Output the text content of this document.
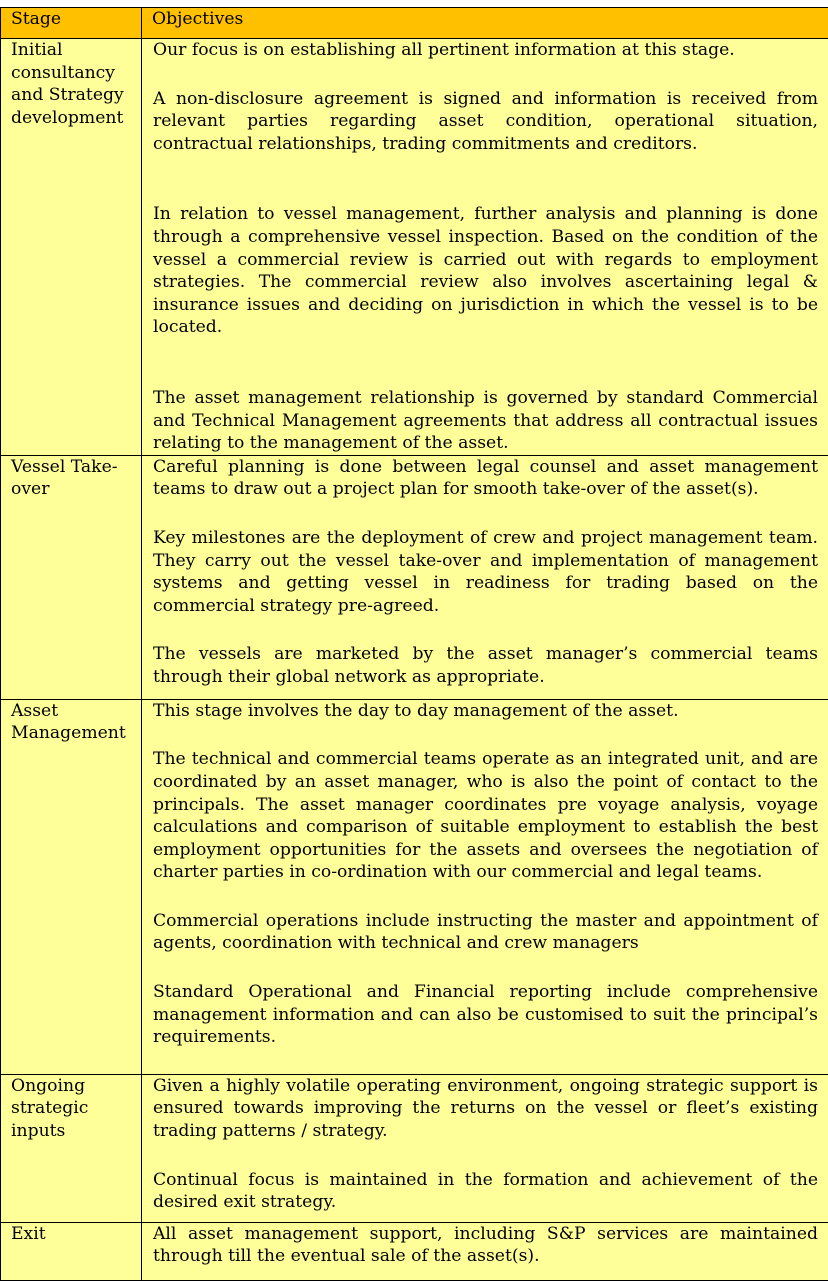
Stage	Objectives
Initial consultancy and Strategy development	Our focus is on establishing all pertinent information at this stage.

A non-disclosure agreement is signed and information is received from relevant parties regarding asset condition, operational situation, contractual relationships, trading commitments and creditors.

In relation to vessel management, further analysis and planning is done through a comprehensive vessel inspection. Based on the condition of the vessel a commercial review is carried out with regards to employment strategies. The commercial review also involves ascertaining legal & insurance issues and deciding on jurisdiction in which the vessel is to be located.

The asset management relationship is governed by standard Commercial and Technical Management agreements that address all contractual issues relating to the management of the asset.

Vessel Take-over	Careful planning is done between legal counsel and asset management teams to draw out a project plan for smooth take-over of the asset(s).

Key milestones are the deployment of crew and project management team. They carry out the vessel take-over and implementation of management systems and getting vessel in readiness for trading based on the commercial strategy pre-agreed.

The vessels are marketed by the asset manager’s commercial teams through their global network as appropriate.

Asset Management	This stage involves the day to day management of the asset.

The technical and commercial teams operate as an integrated unit, and are coordinated by an asset manager, who is also the point of contact to the principals. The asset manager coordinates pre voyage analysis, voyage calculations and comparison of suitable employment to establish the best employment opportunities for the assets and oversees the negotiation of charter parties in co-ordination with our commercial and legal teams.

Commercial operations include instructing the master and appointment of agents, coordination with technical and crew managers

Standard Operational and Financial reporting include comprehensive management information and can also be customised to suit the principal’s requirements.

Ongoing strategic inputs	Given a highly volatile operating environment, ongoing strategic support is ensured towards improving the returns on the vessel or fleet’s existing trading patterns / strategy.

Continual focus is maintained in the formation and achievement of the desired exit strategy.

Exit	All asset management support, including S&P services are maintained through till the eventual sale of the asset(s).
